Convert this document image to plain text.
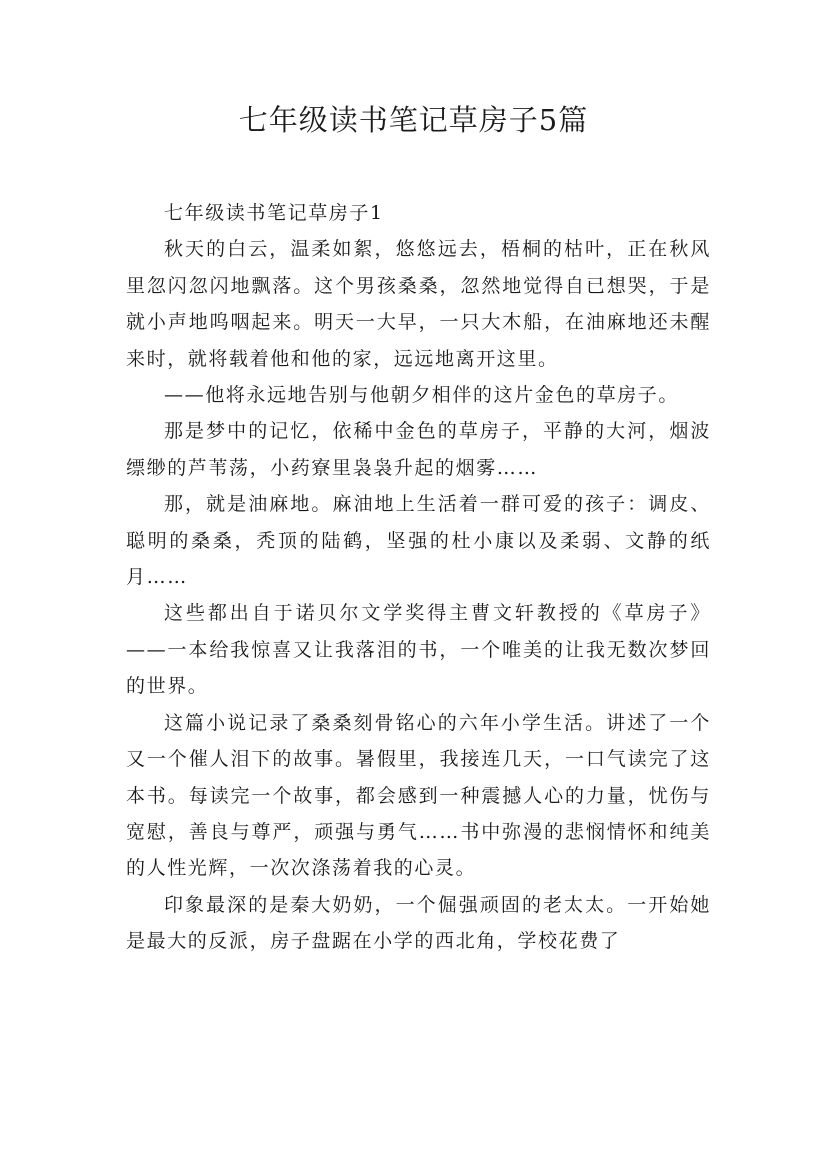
七年级读书笔记草房子5篇

七年级读书笔记草房子1

秋天的白云，温柔如絮，悠悠远去，梧桐的枯叶，正在秋风里忽闪忽闪地飘落。这个男孩桑桑，忽然地觉得自已想哭，于是就小声地呜咽起来。明天一大早，一只大木船，在油麻地还未醒来时，就将载着他和他的家，远远地离开这里。

——他将永远地告别与他朝夕相伴的这片金色的草房子。

那是梦中的记忆，依稀中金色的草房子，平静的大河，烟波缥缈的芦苇荡，小药寮里袅袅升起的烟雾……

那，就是油麻地。麻油地上生活着一群可爱的孩子：调皮、聪明的桑桑，秃顶的陆鹤，坚强的杜小康以及柔弱、文静的纸月……

这些都出自于诺贝尔文学奖得主曹文轩教授的《草房子》——一本给我惊喜又让我落泪的书，一个唯美的让我无数次梦回的世界。

这篇小说记录了桑桑刻骨铭心的六年小学生活。讲述了一个又一个催人泪下的故事。暑假里，我接连几天，一口气读完了这本书。每读完一个故事，都会感到一种震撼人心的力量，忧伤与宽慰，善良与尊严，顽强与勇气……书中弥漫的悲悯情怀和纯美的人性光辉，一次次涤荡着我的心灵。

印象最深的是秦大奶奶，一个倔强顽固的老太太。一开始她是最大的反派，房子盘踞在小学的西北角，学校花费了
